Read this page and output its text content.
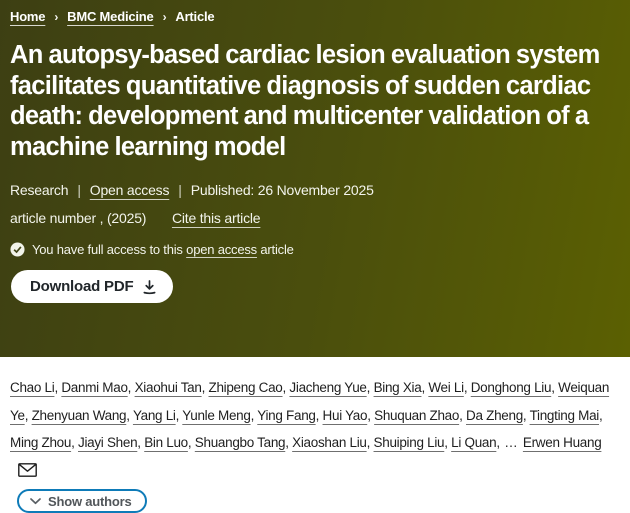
Home › BMC Medicine › Article
An autopsy-based cardiac lesion evaluation system facilitates quantitative diagnosis of sudden cardiac death: development and multicenter validation of a machine learning model
Research | Open access | Published: 26 November 2025
article number , (2025) Cite this article
You have full access to this open access article
Download PDF

Chao Li , Danmi Mao , Xiaohui Tan , Zhipeng Cao , Jiacheng Yue , Bing Xia , Wei Li , Donghong Liu , Weiquan Ye , Zhenyuan Wang , Yang Li , Yunle Meng , Ying Fang , Hui Yao , Shuquan Zhao , Da Zheng , Tingting Mai , Ming Zhou , Jiayi Shen , Bin Luo , Shuangbo Tang , Xiaoshan Liu , Shuiping Liu , Li Quan , … Erwen Huang

Show authors
